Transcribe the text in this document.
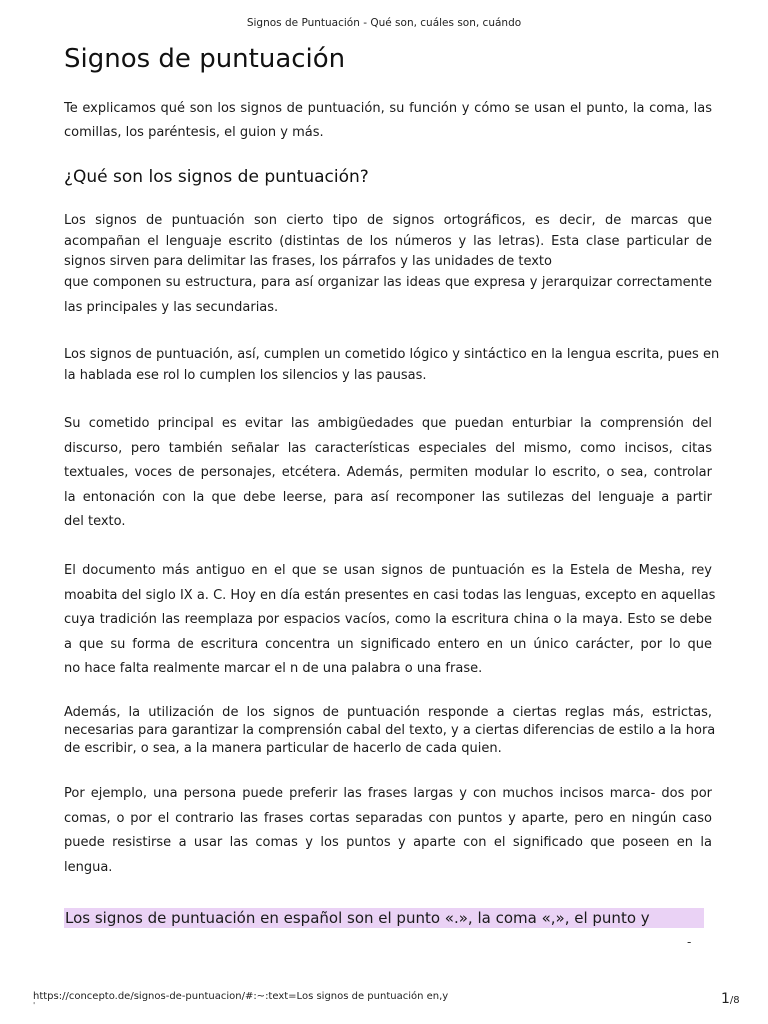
Signos de Puntuación - Qué son, cuáles son, cuándo
Signos de puntuación
Te explicamos qué son los signos de puntuación, su función y cómo se usan el punto, la coma, las
comillas, los paréntesis, el guion y más.
¿Qué son los signos de puntuación?
Los signos de puntuación son cierto tipo de signos ortográficos, es decir, de marcas que
acompañan el lenguaje escrito (distintas de los números y las letras). Esta clase particular de
signos sirven para delimitar las frases, los párrafos y las unidades de texto
que componen su estructura, para así organizar las ideas que expresa y jerarquizar correctamente
las principales y las secundarias.
Los signos de puntuación, así, cumplen un cometido lógico y sintáctico en la lengua escrita, pues en
la hablada ese rol lo cumplen los silencios y las pausas.
Su cometido principal es evitar las ambigüedades que puedan enturbiar la comprensión del
discurso, pero también señalar las características especiales del mismo, como incisos, citas
textuales, voces de personajes, etcétera. Además, permiten modular lo escrito, o sea, controlar
la entonación con la que debe leerse, para así recomponer las sutilezas del lenguaje a partir
del texto.
El documento más antiguo en el que se usan signos de puntuación es la Estela de Mesha, rey
moabita del siglo IX a. C. Hoy en día están presentes en casi todas las lenguas, excepto en aquellas
cuya tradición las reemplaza por espacios vacíos, como la escritura china o la maya. Esto se debe
a que su forma de escritura concentra un significado entero en un único carácter, por lo que
no hace falta realmente marcar el n de una palabra o una frase.
Además, la utilización de los signos de puntuación responde a ciertas reglas más, estrictas,
necesarias para garantizar la comprensión cabal del texto, y a ciertas diferencias de estilo a la hora
de escribir, o sea, a la manera particular de hacerlo de cada quien.
Por ejemplo, una persona puede preferir las frases largas y con muchos incisos marca- dos por
comas, o por el contrario las frases cortas separadas con puntos y aparte, pero en ningún caso
puede resistirse a usar las comas y los puntos y aparte con el significado que poseen en la
lengua.
Los signos de puntuación en español son el punto «.», la coma «,», el punto y
-
https://concepto.de/signos-de-puntuacion/#:~:text=Los signos de puntuación en,y
'	1/8
